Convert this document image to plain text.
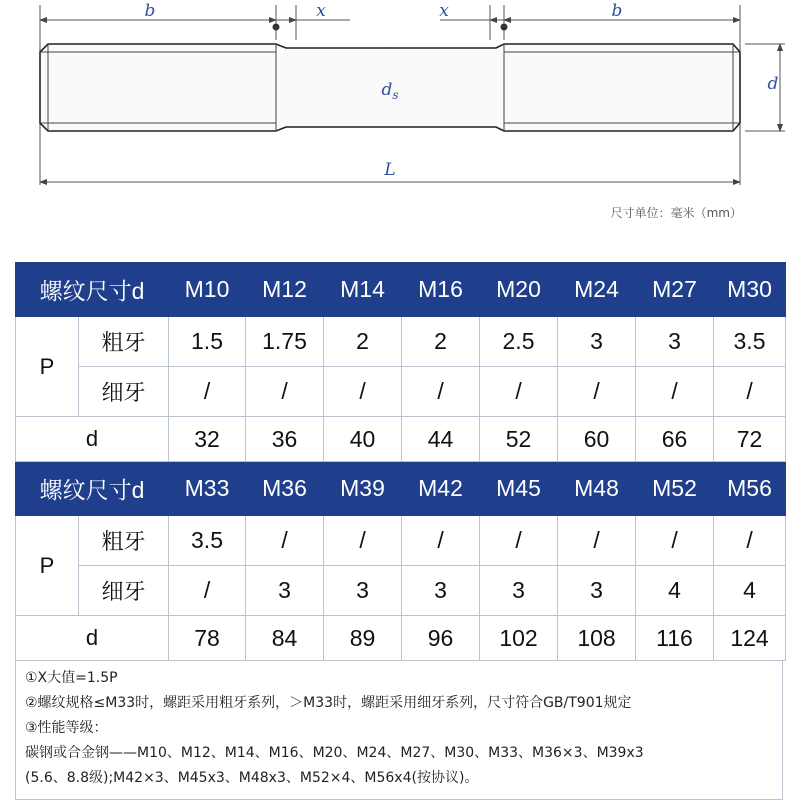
b	x	x	b
$d_s$
d
L
尺寸单位：毫米（mm）
螺纹尺寸d		M10	M12	M14	M16	M20	M24	M27	M30
P	粗牙	1.5	1.75	2	2	2.5	3	3	3.5
	细牙	/	/	/	/	/	/	/	/
d		32	36	40	44	52	60	66	72
螺纹尺寸d		M33	M36	M39	M42	M45	M48	M52	M56
P	粗牙	3.5	/	/	/	/	/	/	/
	细牙	/	3	3	3	3	3	4	4
d		78	84	89	96	102	108	116	124

①X大值=1.5P

②螺纹规格≤M33时，螺距采用粗牙系列，＞M33时，螺距采用细牙系列，尺寸符合GB/T901规定

③性能等级：

碳钢或合金钢——M10、M12、M14、M16、M20、M24、M27、M30、M33、M36×3、M39x3

(5.6、8.8级);M42×3、M45x3、M48x3、M52×4、M56x4(按协议)。
